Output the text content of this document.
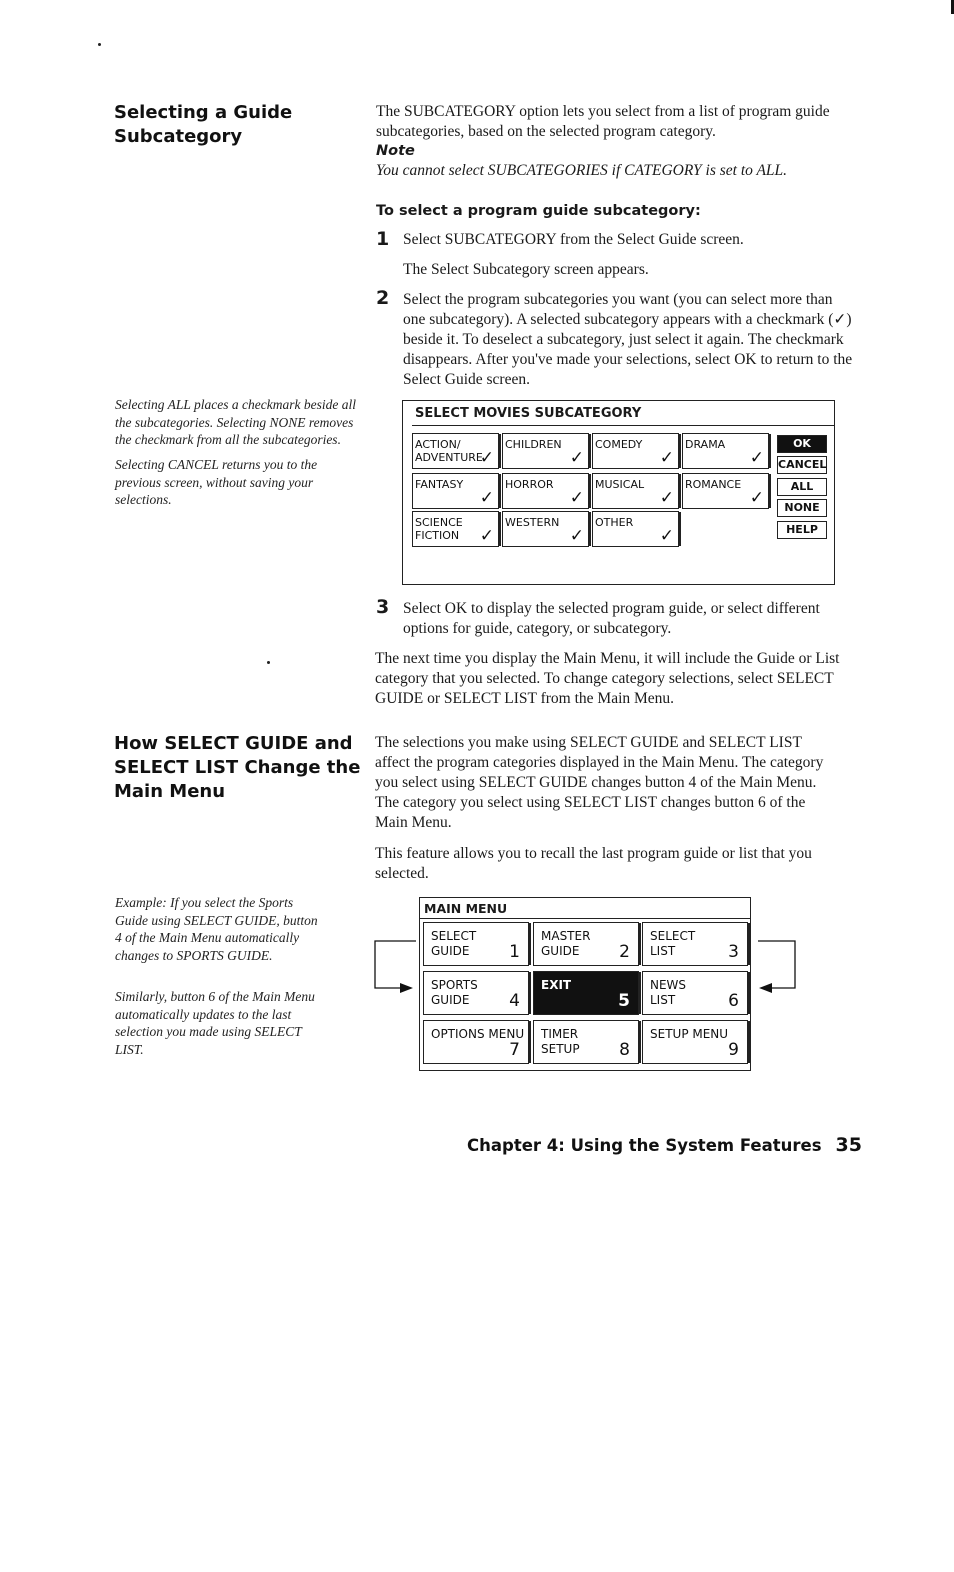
Selecting a Guide
Subcategory

The SUBCATEGORY option lets you select from a list of program guide subcategories, based on the selected program category.

Note

You cannot select SUBCATEGORIES if CATEGORY is set to ALL.

To select a program guide subcategory:

1 Select SUBCATEGORY from the Select Guide screen.

The Select Subcategory screen appears.

2 Select the program subcategories you want (you can select more than one subcategory). A selected subcategory appears with a checkmark (✓) beside it. To deselect a subcategory, just select it again. The checkmark disappears. After you've made your selections, select OK to return to the Select Guide screen.

Selecting ALL places a checkmark beside all the subcategories. Selecting NONE removes the checkmark from all the subcategories.

Selecting CANCEL returns you to the previous screen, without saving your selections.

SELECT MOVIES SUBCATEGORY
ACTION/
ADVENTURE
✓
CHILDREN
✓
COMEDY
✓
DRAMA
✓
FANTASY
✓
HORROR
✓
MUSICAL
✓
ROMANCE
✓
SCIENCE
FICTION ✓
WESTERN
✓
OTHER
✓
OK
CANCEL
ALL
NONE
HELP
3 Select OK to display the selected program guide, or select different options for guide, category, or subcategory.

The next time you display the Main Menu, it will include the Guide or List category that you selected. To change category selections, select SELECT GUIDE or SELECT LIST from the Main Menu.

How SELECT GUIDE and
SELECT LIST Change the
Main Menu

The selections you make using SELECT GUIDE and SELECT LIST affect the program categories displayed in the Main Menu. The category you select using SELECT GUIDE changes button 4 of the Main Menu. The category you select using SELECT LIST changes button 6 of the Main Menu.

This feature allows you to recall the last program guide or list that you selected.

Example: If you select the Sports Guide using SELECT GUIDE, button 4 of the Main Menu automatically changes to SPORTS GUIDE.

Similarly, button 6 of the Main Menu automatically updates to the last selection you made using SELECT LIST.

MAIN MENU
SELECT
GUIDE 1
MASTER
GUIDE 2
SELECT
LIST	3
SPORTS
GUIDE 4
EXIT
5
NEWS
LIST	6
OPTIONS MENU
7
TIMER
SETUP 8
SETUP MENU
9
Chapter 4: Using the System Features 35
